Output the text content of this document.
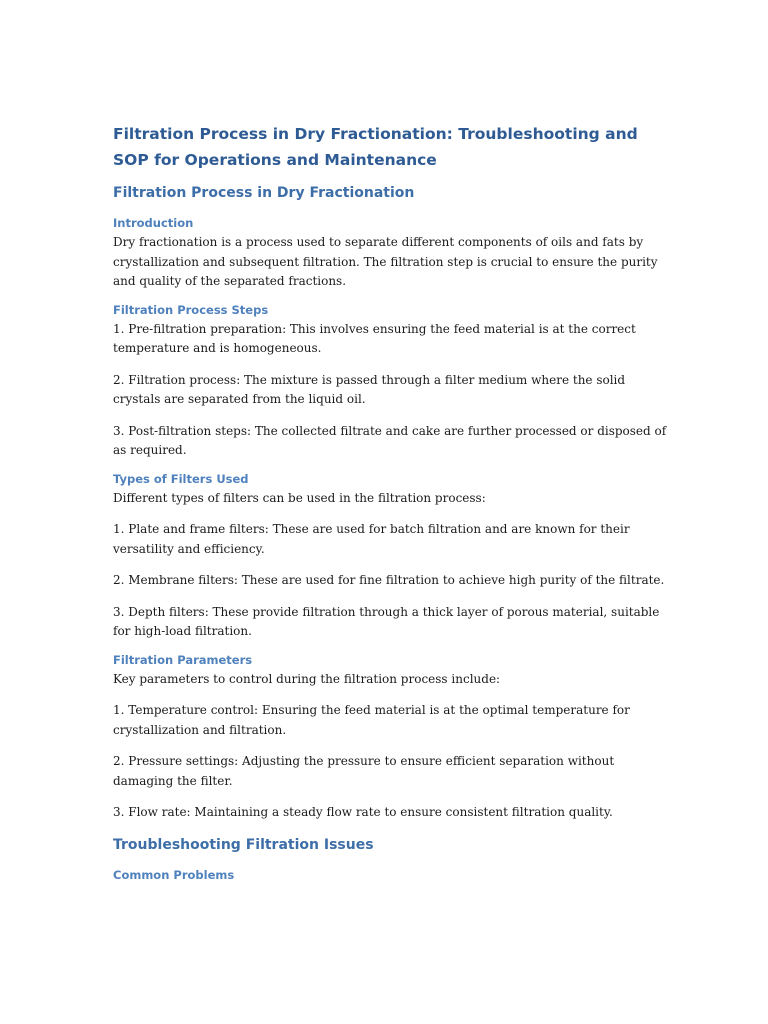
Filtration Process in Dry Fractionation: Troubleshooting and SOP for Operations and Maintenance
Filtration Process in Dry Fractionation
Introduction

Dry fractionation is a process used to separate different components of oils and fats by crystallization and subsequent filtration. The filtration step is crucial to ensure the purity and quality of the separated fractions.

Filtration Process Steps

1. Pre-filtration preparation: This involves ensuring the feed material is at the correct temperature and is homogeneous.

2. Filtration process: The mixture is passed through a filter medium where the solid crystals are separated from the liquid oil.

3. Post-filtration steps: The collected filtrate and cake are further processed or disposed of as required.

Types of Filters Used

Different types of filters can be used in the filtration process:

1. Plate and frame filters: These are used for batch filtration and are known for their versatility and efficiency.

2. Membrane filters: These are used for fine filtration to achieve high purity of the filtrate.

3. Depth filters: These provide filtration through a thick layer of porous material, suitable for high-load filtration.

Filtration Parameters

Key parameters to control during the filtration process include:

1. Temperature control: Ensuring the feed material is at the optimal temperature for crystallization and filtration.

2. Pressure settings: Adjusting the pressure to ensure efficient separation without damaging the filter.

3. Flow rate: Maintaining a steady flow rate to ensure consistent filtration quality.

Troubleshooting Filtration Issues
Common Problems
